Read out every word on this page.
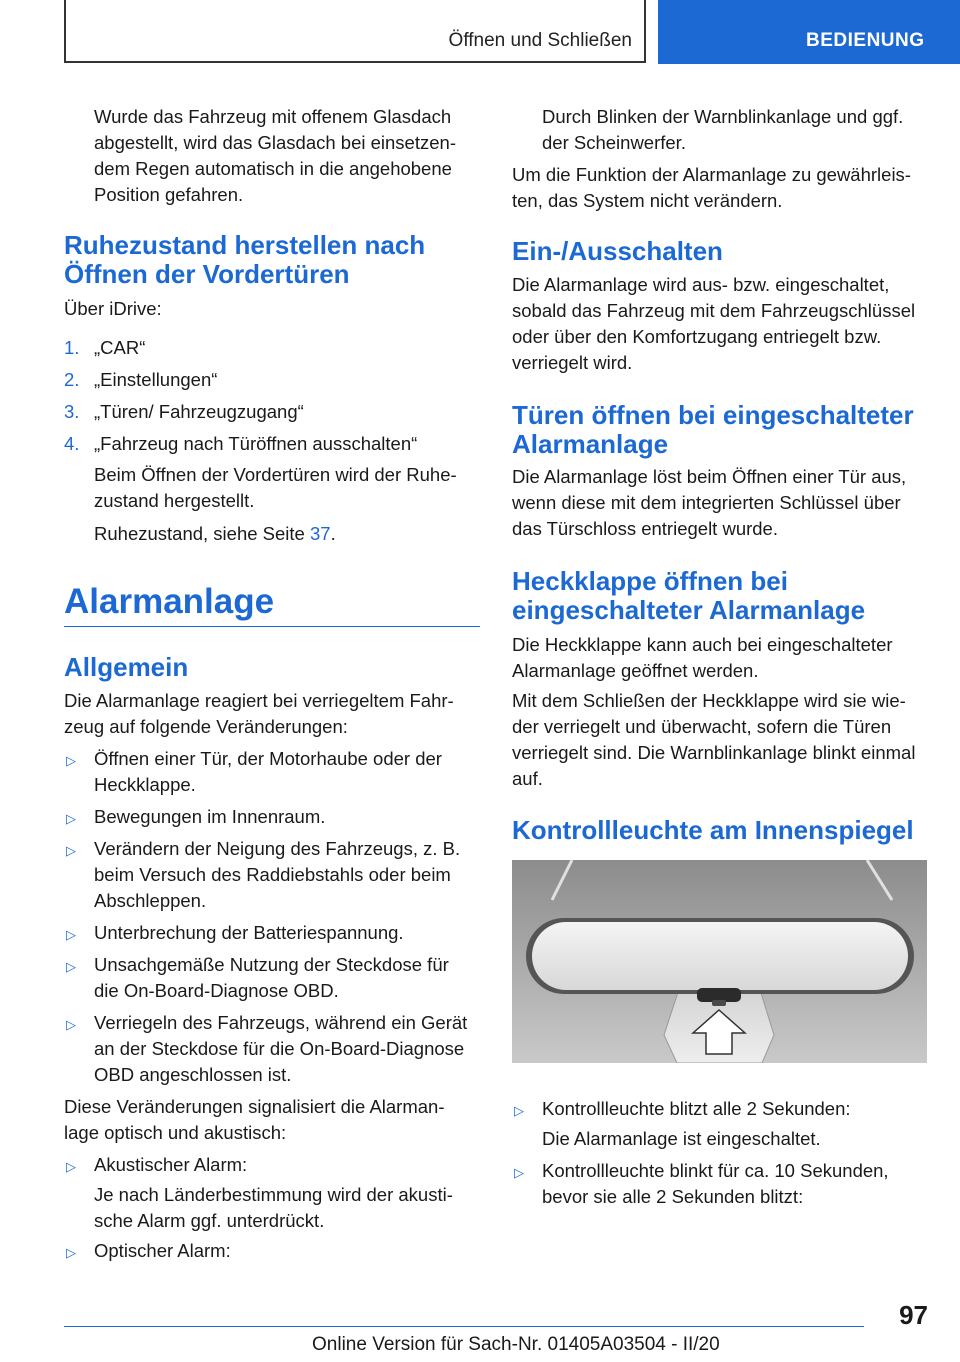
Öffnen und Schließen	BEDIENUNG
Wurde das Fahrzeug mit offenem Glasdach
abgestellt, wird das Glasdach bei einsetzen-
dem Regen automatisch in die angehobene
Position gefahren.
Ruhezustand herstellen nach
Öffnen der Vordertüren
Über iDrive:
1. „CAR“
2. „Einstellungen“
3. „Türen/ Fahrzeugzugang“
4. „Fahrzeug nach Türöffnen ausschalten“
Beim Öffnen der Vordertüren wird der Ruhe-
zustand hergestellt.
Ruhezustand, siehe Seite 37.
Alarmanlage
Allgemein
Die Alarmanlage reagiert bei verriegeltem Fahr-
zeug auf folgende Veränderungen:
▷ Öffnen einer Tür, der Motorhaube oder der
Heckklappe.
▷ Bewegungen im Innenraum.
▷ Verändern der Neigung des Fahrzeugs, z. B.
beim Versuch des Raddiebstahls oder beim
Abschleppen.
▷ Unterbrechung der Batteriespannung.
▷ Unsachgemäße Nutzung der Steckdose für
die On-Board-Diagnose OBD.
▷ Verriegeln des Fahrzeugs, während ein Gerät
an der Steckdose für die On-Board-Diagnose
OBD angeschlossen ist.
Diese Veränderungen signalisiert die Alarman-
lage optisch und akustisch:
▷ Akustischer Alarm:
Je nach Länderbestimmung wird der akusti-
sche Alarm ggf. unterdrückt.
▷ Optischer Alarm:
Durch Blinken der Warnblinkanlage und ggf.
der Scheinwerfer.
Um die Funktion der Alarmanlage zu gewährleis-
ten, das System nicht verändern.
Ein-/Ausschalten
Die Alarmanlage wird aus- bzw. eingeschaltet,
sobald das Fahrzeug mit dem Fahrzeugschlüssel
oder über den Komfortzugang entriegelt bzw.
verriegelt wird.
Türen öffnen bei eingeschalteter
Alarmanlage
Die Alarmanlage löst beim Öffnen einer Tür aus,
wenn diese mit dem integrierten Schlüssel über
das Türschloss entriegelt wurde.
Heckklappe öffnen bei
eingeschalteter Alarmanlage
Die Heckklappe kann auch bei eingeschalteter
Alarmanlage geöffnet werden.
Mit dem Schließen der Heckklappe wird sie wie-
der verriegelt und überwacht, sofern die Türen
verriegelt sind. Die Warnblinkanlage blinkt einmal
auf.
Kontrollleuchte am Innenspiegel
▷ Kontrollleuchte blitzt alle 2 Sekunden:
Die Alarmanlage ist eingeschaltet.
▷ Kontrollleuchte blinkt für ca. 10 Sekunden,
bevor sie alle 2 Sekunden blitzt:
97
Online Version für Sach-Nr. 01405A03504 - II/20
